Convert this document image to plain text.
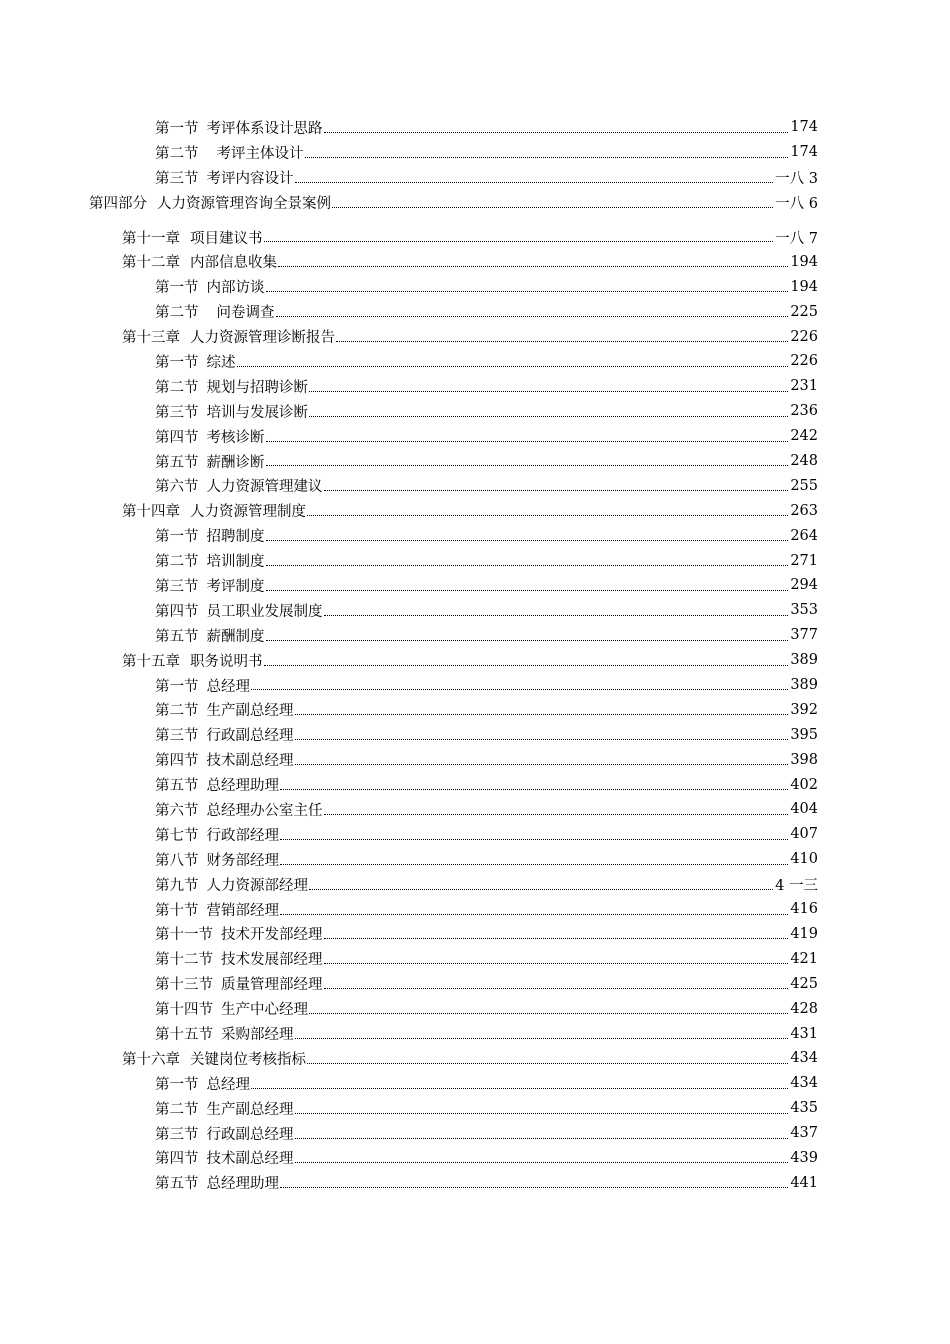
第一节 考评体系设计思路	174
第二节 考评主体设计	174
第三节 考评内容设计	一八 3
第四部分 人力资源管理咨询全景案例	一八 6
第十一章 项目建议书	一八 7
第十二章 内部信息收集	194
第一节 内部访谈	194
第二节 问卷调查	225
第十三章 人力资源管理诊断报告	226
第一节 综述	226
第二节 规划与招聘诊断	231
第三节 培训与发展诊断	236
第四节 考核诊断	242
第五节 薪酬诊断	248
第六节 人力资源管理建议	255
第十四章 人力资源管理制度	263
第一节 招聘制度	264
第二节 培训制度	271
第三节 考评制度	294
第四节 员工职业发展制度	353
第五节 薪酬制度	377
第十五章 职务说明书	389
第一节 总经理	389
第二节 生产副总经理	392
第三节 行政副总经理	395
第四节 技术副总经理	398
第五节 总经理助理	402
第六节 总经理办公室主任	404
第七节 行政部经理	407
第八节 财务部经理	410
第九节 人力资源部经理	4 一三
第十节 营销部经理	416
第十一节 技术开发部经理	419
第十二节 技术发展部经理	421
第十三节 质量管理部经理	425
第十四节 生产中心经理	428
第十五节 采购部经理	431
第十六章 关键岗位考核指标	434
第一节 总经理	434
第二节 生产副总经理	435
第三节 行政副总经理	437
第四节 技术副总经理	439
第五节 总经理助理	441
